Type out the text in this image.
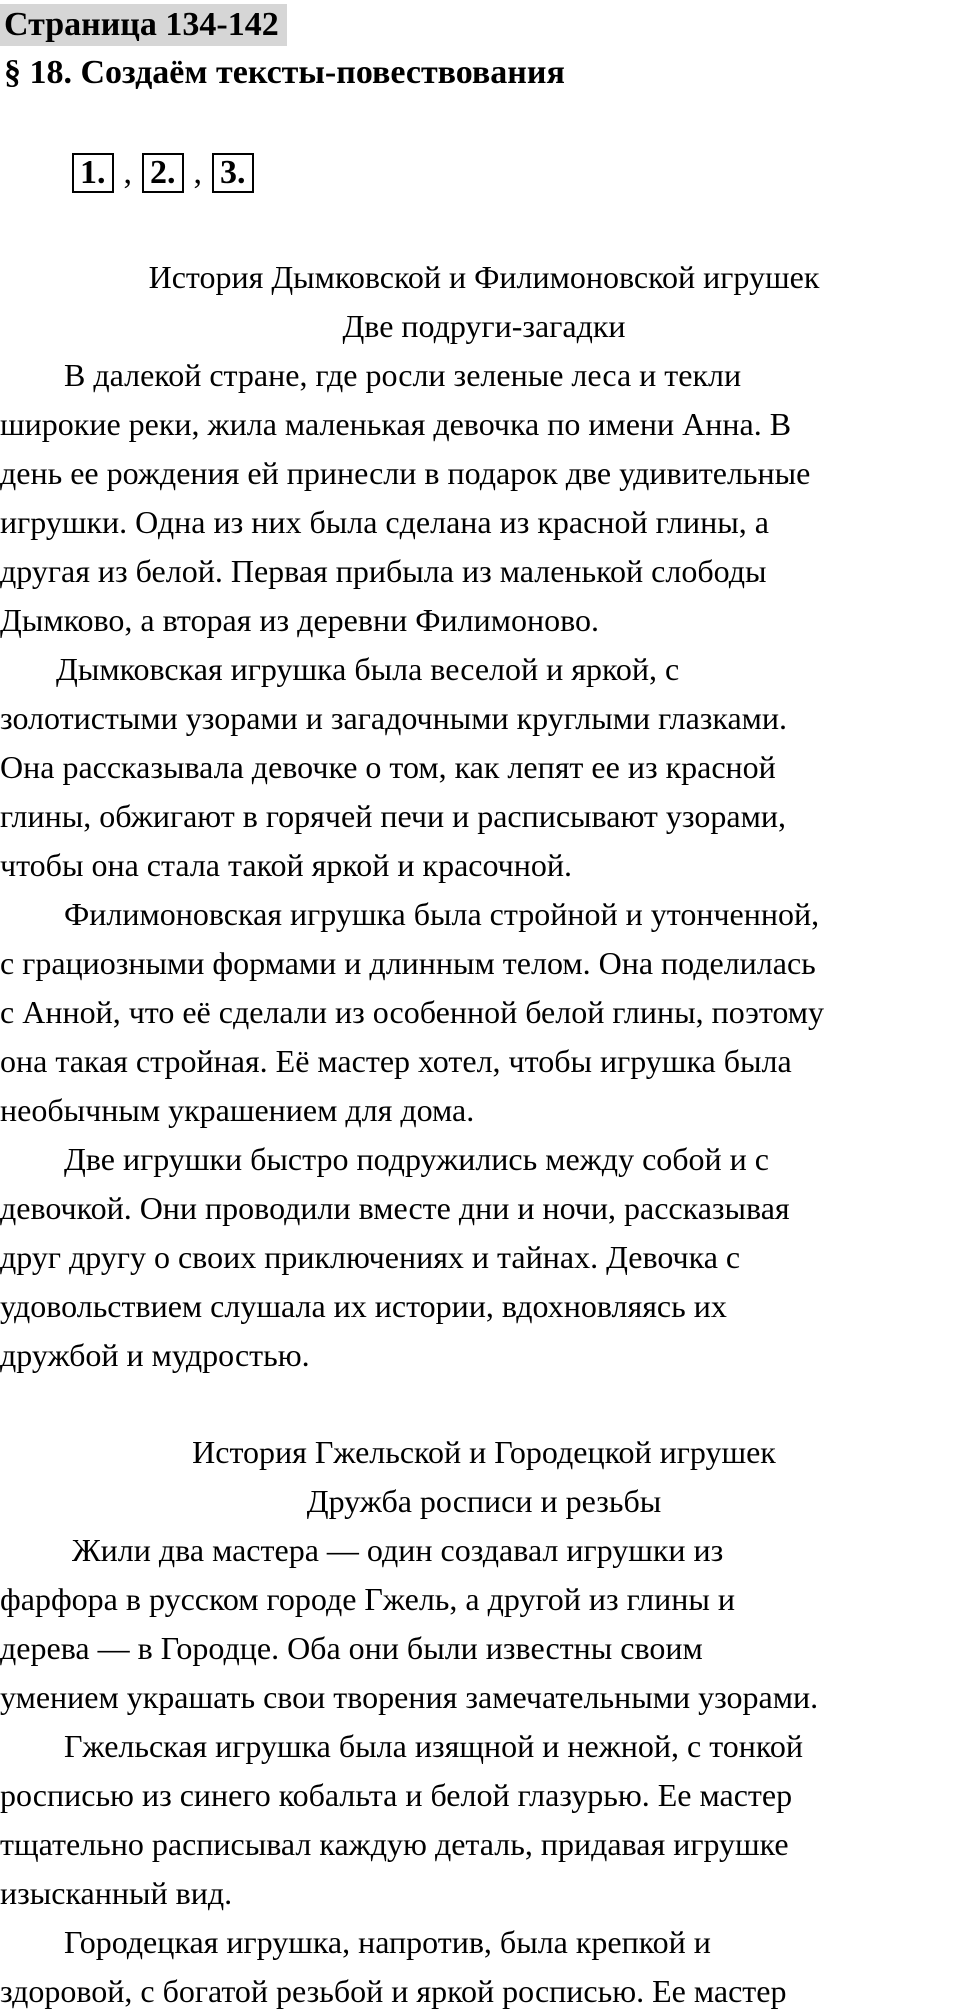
Страница 134-142
§ 18. Создаём тексты-повествования
1. , 2. , 3.
История Дымковской и Филимоновской игрушек
Две подруги-загадки

В далекой стране, где росли зеленые леса и текли
широкие реки, жила маленькая девочка по имени Анна. В
день ее рождения ей принесли в подарок две удивительные
игрушки. Одна из них была сделана из красной глины, а
другая из белой. Первая прибыла из маленькой слободы
Дымково, а вторая из деревни Филимоново.
Дымковская игрушка была веселой и яркой, с
золотистыми узорами и загадочными круглыми глазками.
Она рассказывала девочке о том, как лепят ее из красной
глины, обжигают в горячей печи и расписывают узорами,
чтобы она стала такой яркой и красочной.
Филимоновская игрушка была стройной и утонченной,
с грациозными формами и длинным телом. Она поделилась
с Анной, что её сделали из особенной белой глины, поэтому
она такая стройная. Её мастер хотел, чтобы игрушка была
необычным украшением для дома.
Две игрушки быстро подружились между собой и с
девочкой. Они проводили вместе дни и ночи, рассказывая
друг другу о своих приключениях и тайнах. Девочка с
удовольствием слушала их истории, вдохновляясь их
дружбой и мудростью.

История Гжельской и Городецкой игрушек
Дружба росписи и резьбы

Жили два мастера — один создавал игрушки из
фарфора в русском городе Гжель, а другой из глины и
дерева — в Городце. Оба они были известны своим
умением украшать свои творения замечательными узорами.
Гжельская игрушка была изящной и нежной, с тонкой
росписью из синего кобальта и белой глазурью. Ее мастер
тщательно расписывал каждую деталь, придавая игрушке
изысканный вид.
Городецкая игрушка, напротив, была крепкой и
здоровой, с богатой резьбой и яркой росписью. Ее мастер
